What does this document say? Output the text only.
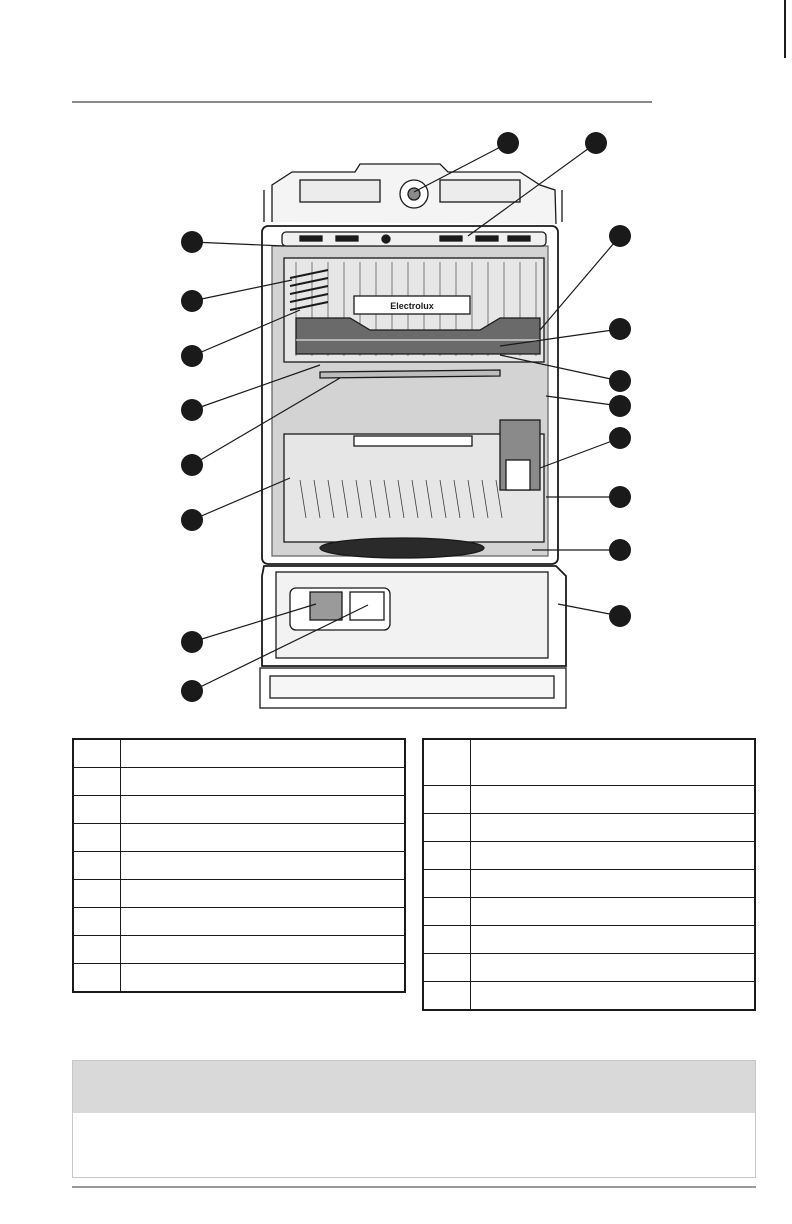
Electrolux
